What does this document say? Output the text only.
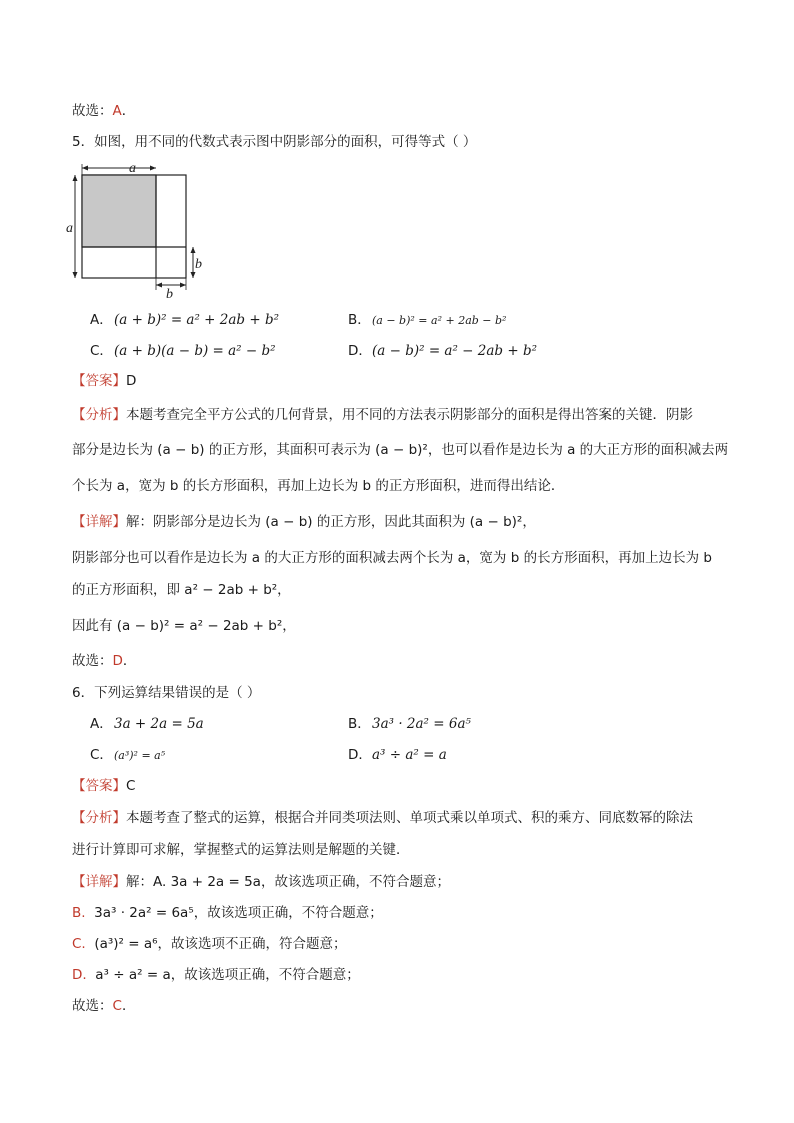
故选：A．
5．如图，用不同的代数式表示图中阴影部分的面积，可得等式（ ）
a
a
b
b
A．(a + b)² = a² + 2ab + b²	B．(a − b)² = a² + 2ab − b²
C．(a + b)(a − b) = a² − b²	D．(a − b)² = a² − 2ab + b²
【答案】D
【分析】本题考查完全平方公式的几何背景，用不同的方法表示阴影部分的面积是得出答案的关键．阴影
部分是边长为 (a − b) 的正方形，其面积可表示为 (a − b)²，也可以看作是边长为 a 的大正方形的面积减去两
个长为 a，宽为 b 的长方形面积，再加上边长为 b 的正方形面积，进而得出结论．
【详解】解：阴影部分是边长为 (a − b) 的正方形，因此其面积为 (a − b)²，
阴影部分也可以看作是边长为 a 的大正方形的面积减去两个长为 a，宽为 b 的长方形面积，再加上边长为 b
的正方形面积，即 a² − 2ab + b²，
因此有 (a − b)² = a² − 2ab + b²，
故选：D．
6．下列运算结果错误的是（ ）
A．3a + 2a = 5a	B．3a³ · 2a² = 6a⁵
C．(a³)² = a⁵	D．a³ ÷ a² = a
【答案】C
【分析】本题考查了整式的运算，根据合并同类项法则、单项式乘以单项式、积的乘方、同底数幂的除法
进行计算即可求解，掌握整式的运算法则是解题的关键．
【详解】解：A. 3a + 2a = 5a，故该选项正确，不符合题意；
B. 3a³ · 2a² = 6a⁵，故该选项正确，不符合题意；
C. (a³)² = a⁶，故该选项不正确，符合题意；
D. a³ ÷ a² = a，故该选项正确，不符合题意；
故选：C．
